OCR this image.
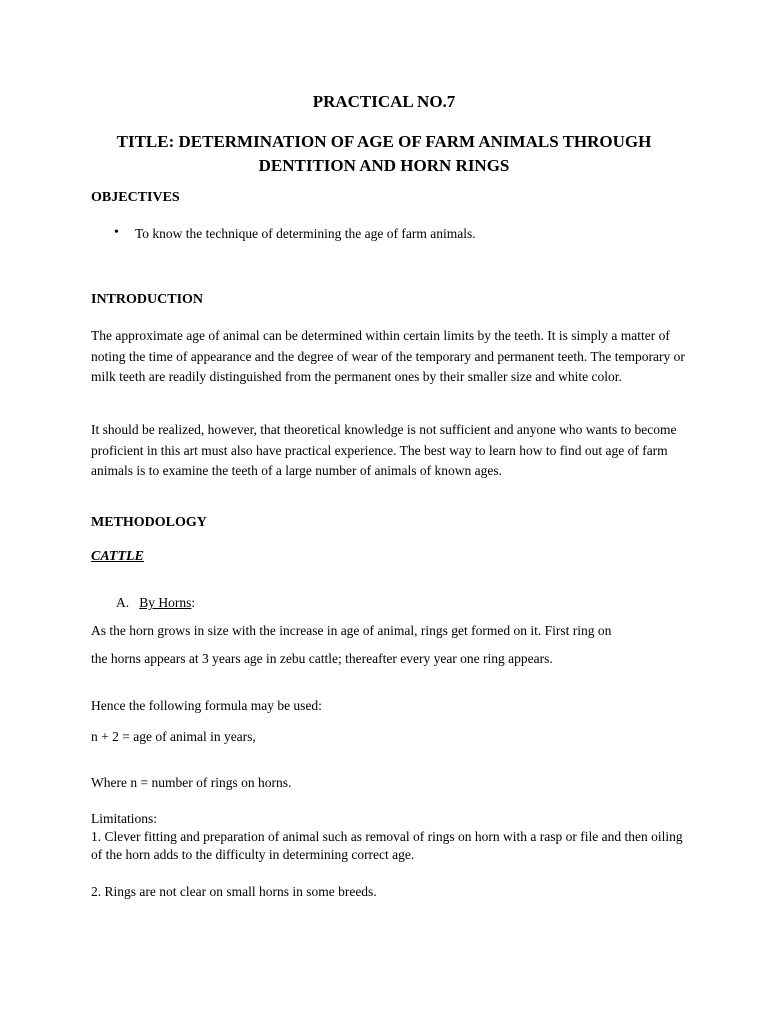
PRACTICAL NO.7

TITLE: DETERMINATION OF AGE OF FARM ANIMALS THROUGH DENTITION AND HORN RINGS

OBJECTIVES

• To know the technique of determining the age of farm animals.

INTRODUCTION

The approximate age of animal can be determined within certain limits by the teeth. It is simply a matter of noting the time of appearance and the degree of wear of the temporary and permanent teeth. The temporary or milk teeth are readily distinguished from the permanent ones by their smaller size and white color.

It should be realized, however, that theoretical knowledge is not sufficient and anyone who wants to become proficient in this art must also have practical experience. The best way to learn how to find out age of farm animals is to examine the teeth of a large number of animals of known ages.

METHODOLOGY

CATTLE

A. By Horns:

As the horn grows in size with the increase in age of animal, rings get formed on it. First ring on

the horns appears at 3 years age in zebu cattle; thereafter every year one ring appears.

Hence the following formula may be used:

n + 2 = age of animal in years,

Where n = number of rings on horns.

Limitations:

1. Clever fitting and preparation of animal such as removal of rings on horn with a rasp or file and then oiling of the horn adds to the difficulty in determining correct age.

2. Rings are not clear on small horns in some breeds.
